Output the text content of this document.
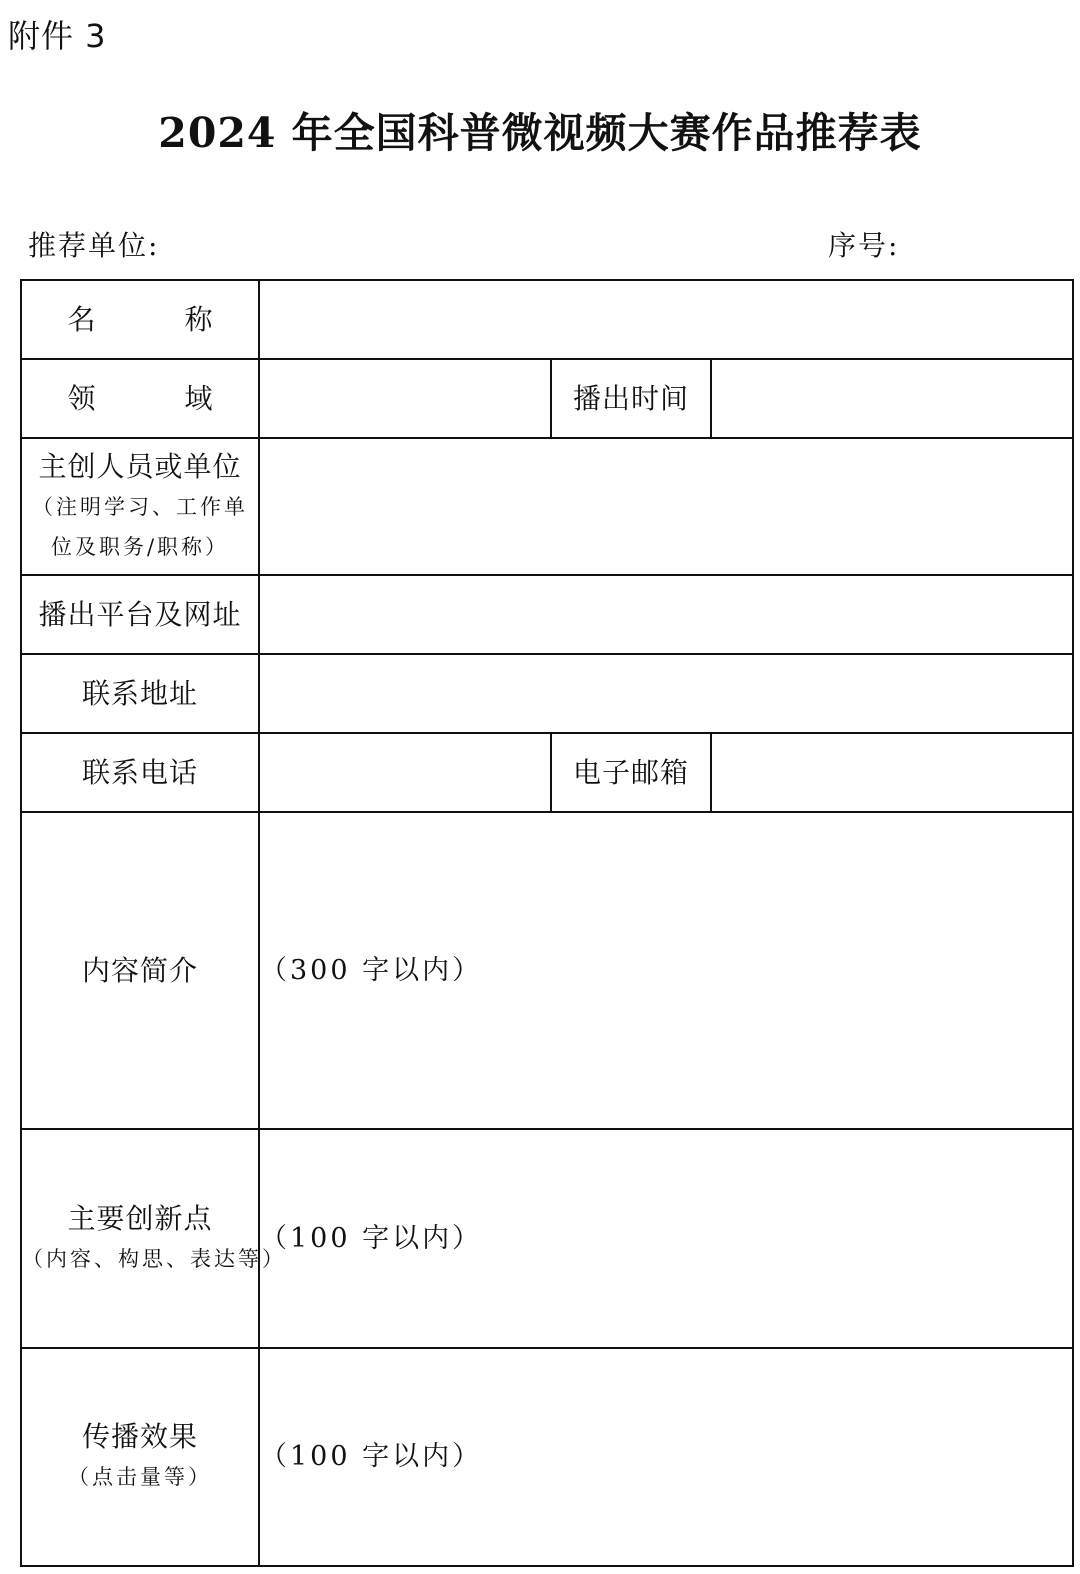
附件 3
2024 年全国科普微视频大赛作品推荐表
推荐单位:	序号:
名 称			
领 域		播出时间	
主创人员或单位
（注明学习、工作单
位及职务/职称）			

播出平台及网址			
联系地址			
联系电话		电子邮箱	
内容简介	（300 字以内）		
主要创新点
（内容、构思、表达等）	（100 字以内）		
传播效果
（点击量等）	（100 字以内）		
